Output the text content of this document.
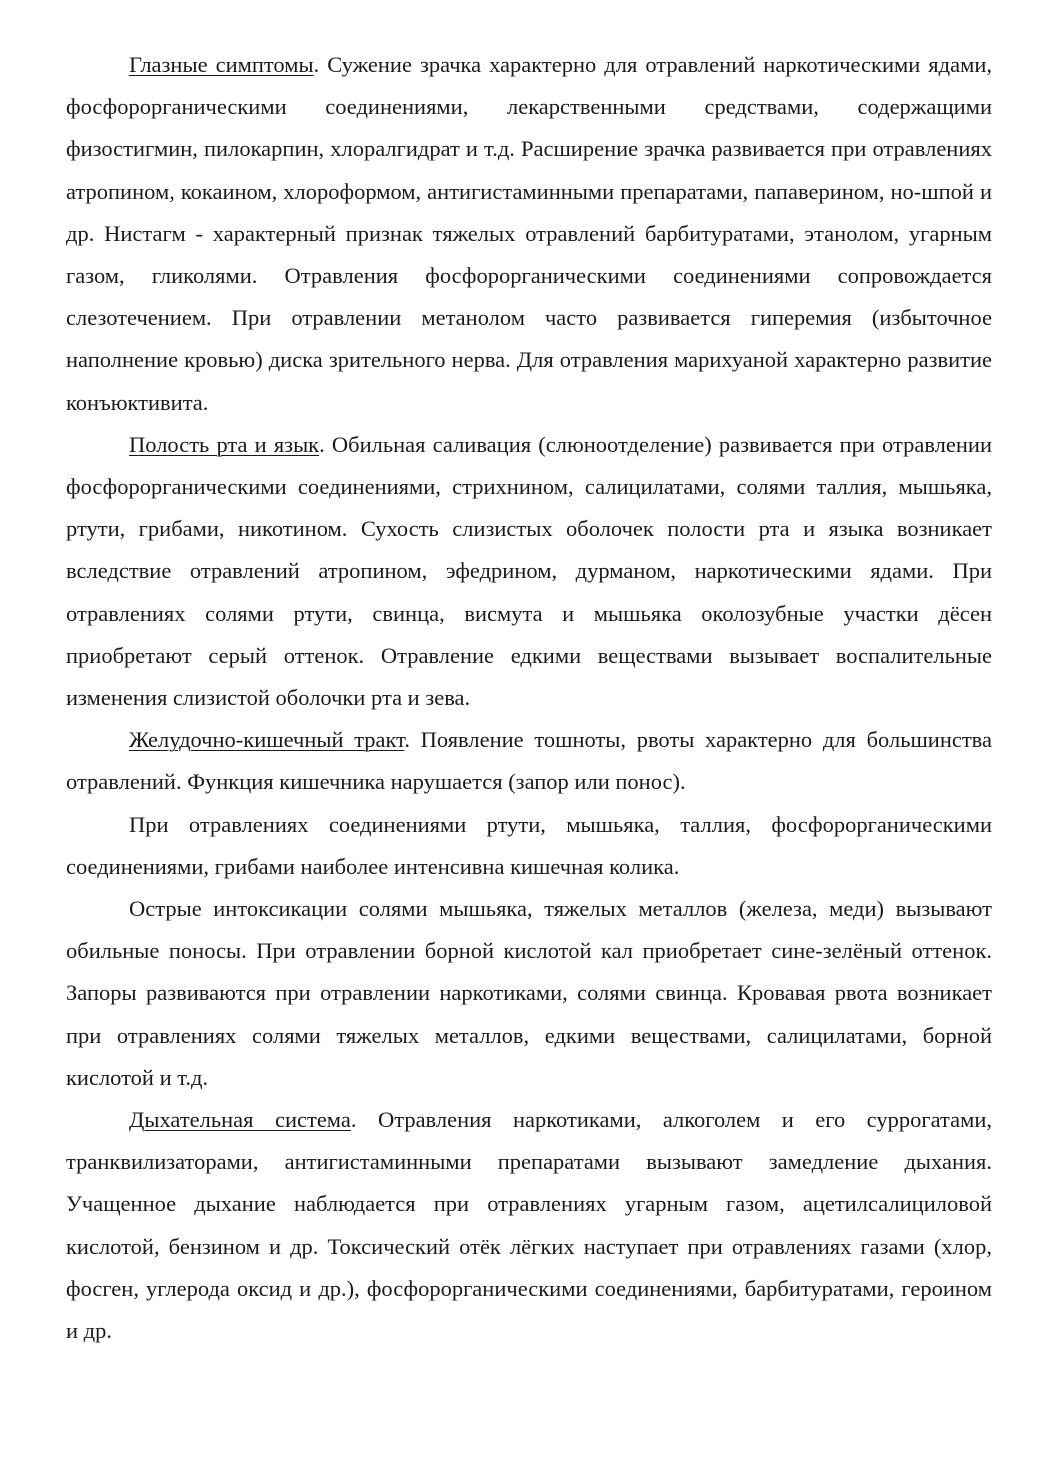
Глазные симптомы. Сужение зрачка характерно для отравлений наркотическими ядами, фосфорорганическими соединениями, лекарственными средствами, содержащими физостигмин, пилокарпин, хлоралгидрат и т.д. Расширение зрачка развивается при отравлениях атропином, кокаином, хлороформом, антигистаминными препаратами, папаверином, но-шпой и др. Нистагм - характерный признак тяжелых отравлений барбитуратами, этанолом, угарным газом, гликолями. Отравления фосфорорганическими соединениями сопровождается слезотечением. При отравлении метанолом часто развивается гиперемия (избыточное наполнение кровью) диска зрительного нерва. Для отравления марихуаной характерно развитие конъюктивита.

Полость рта и язык. Обильная саливация (слюноотделение) развивается при отравлении фосфорорганическими соединениями, стрихнином, салицилатами, солями таллия, мышьяка, ртути, грибами, никотином. Сухость слизистых оболочек полости рта и языка возникает вследствие отравлений атропином, эфедрином, дурманом, наркотическими ядами. При отравлениях солями ртути, свинца, висмута и мышьяка околозубные участки дёсен приобретают серый оттенок. Отравление едкими веществами вызывает воспалительные изменения слизистой оболочки рта и зева.

Желудочно-кишечный тракт. Появление тошноты, рвоты характерно для большинства отравлений. Функция кишечника нарушается (запор или понос).

При отравлениях соединениями ртути, мышьяка, таллия, фосфорорганическими соединениями, грибами наиболее интенсивна кишечная колика.

Острые интоксикации солями мышьяка, тяжелых металлов (железа, меди) вызывают обильные поносы. При отравлении борной кислотой кал приобретает сине-зелёный оттенок. Запоры развиваются при отравлении наркотиками, солями свинца. Кровавая рвота возникает при отравлениях солями тяжелых металлов, едкими веществами, салицилатами, борной кислотой и т.д.

Дыхательная система. Отравления наркотиками, алкоголем и его суррогатами, транквилизаторами, антигистаминными препаратами вызывают замедление дыхания. Учащенное дыхание наблюдается при отравлениях угарным газом, ацетилсалициловой кислотой, бензином и др. Токсический отёк лёгких наступает при отравлениях газами (хлор, фосген, углерода оксид и др.), фосфорорганическими соединениями, барбитуратами, героином и др.
